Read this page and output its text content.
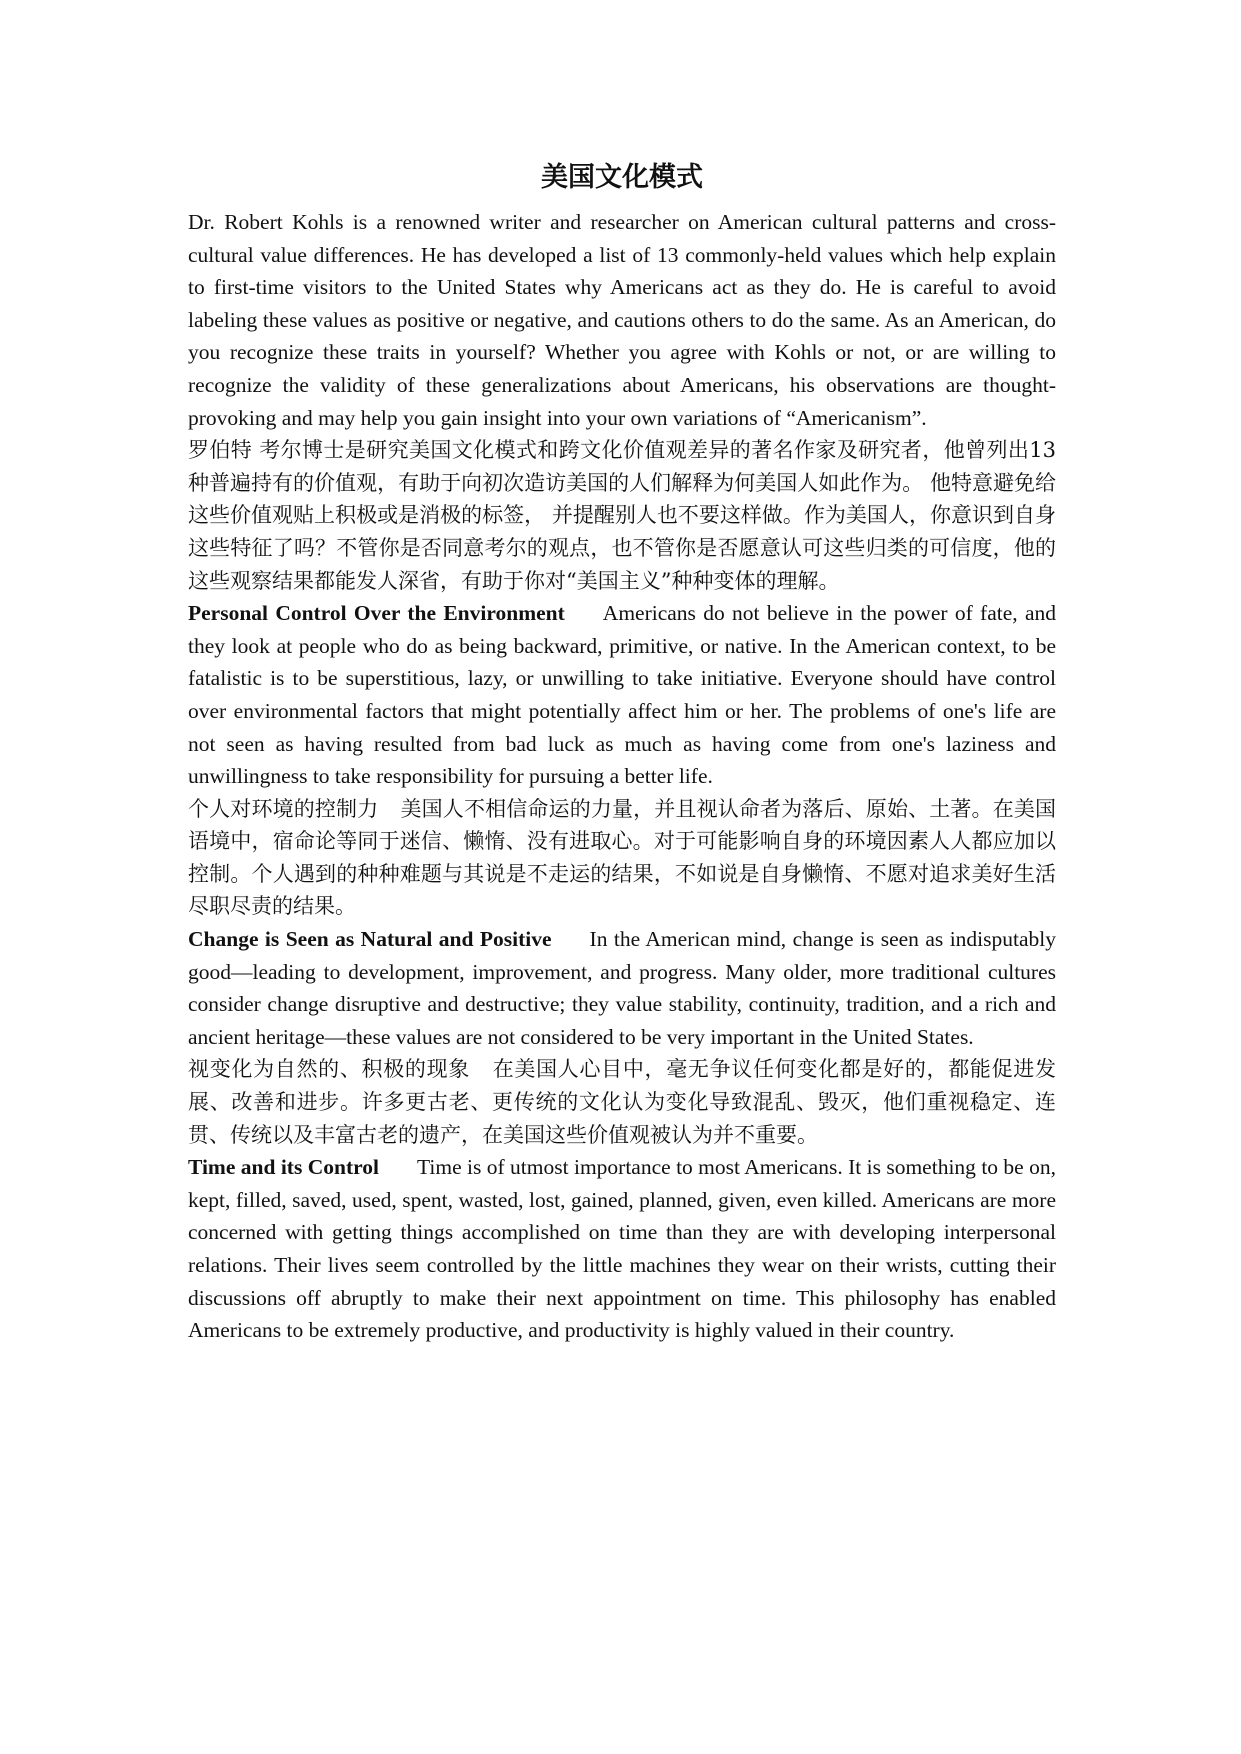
美国文化模式

Dr. Robert Kohls is a renowned writer and researcher on American cultural patterns and cross-cultural value differences. He has developed a list of 13 commonly-held values which help explain to first-time visitors to the United States why Americans act as they do. He is careful to avoid labeling these values as positive or negative, and cautions others to do the same. As an American, do you recognize these traits in yourself? Whether you agree with Kohls or not, or are willing to recognize the validity of these generalizations about Americans, his observations are thought-provoking and may help you gain insight into your own variations of “Americanism”.

罗伯特 考尔博士是研究美国文化模式和跨文化价值观差异的著名作家及研究者，他曾列出13种普遍持有的价值观，有助于向初次造访美国的人们解释为何美国人如此作为。 他特意避免给这些价值观贴上积极或是消极的标签， 并提醒别人也不要这样做。作为美国人，你意识到自身这些特征了吗？不管你是否同意考尔的观点，也不管你是否愿意认可这些归类的可信度，他的这些观察结果都能发人深省，有助于你对“美国主义”种种变体的理解。

Personal Control Over the Environment Americans do not believe in the power of fate, and they look at people who do as being backward, primitive, or native. In the American context, to be fatalistic is to be superstitious, lazy, or unwilling to take initiative. Everyone should have control over environmental factors that might potentially affect him or her. The problems of one's life are not seen as having resulted from bad luck as much as having come from one's laziness and unwillingness to take responsibility for pursuing a better life.

个人对环境的控制力 美国人不相信命运的力量，并且视认命者为落后、原始、土著。在美国语境中，宿命论等同于迷信、懒惰、没有进取心。对于可能影响自身的环境因素人人都应加以控制。个人遇到的种种难题与其说是不走运的结果，不如说是自身懒惰、不愿对追求美好生活尽职尽责的结果。

Change is Seen as Natural and Positive In the American mind, change is seen as indisputably good—leading to development, improvement, and progress. Many older, more traditional cultures consider change disruptive and destructive; they value stability, continuity, tradition, and a rich and ancient heritage—these values are not considered to be very important in the United States.

视变化为自然的、积极的现象 在美国人心目中，毫无争议任何变化都是好的，都能促进发展、改善和进步。许多更古老、更传统的文化认为变化导致混乱、毁灭，他们重视稳定、连贯、传统以及丰富古老的遗产，在美国这些价值观被认为并不重要。

Time and its Control Time is of utmost importance to most Americans. It is something to be on, kept, filled, saved, used, spent, wasted, lost, gained, planned, given, even killed. Americans are more concerned with getting things accomplished on time than they are with developing interpersonal relations. Their lives seem controlled by the little machines they wear on their wrists, cutting their discussions off abruptly to make their next appointment on time. This philosophy has enabled Americans to be extremely productive, and productivity is highly valued in their country.
